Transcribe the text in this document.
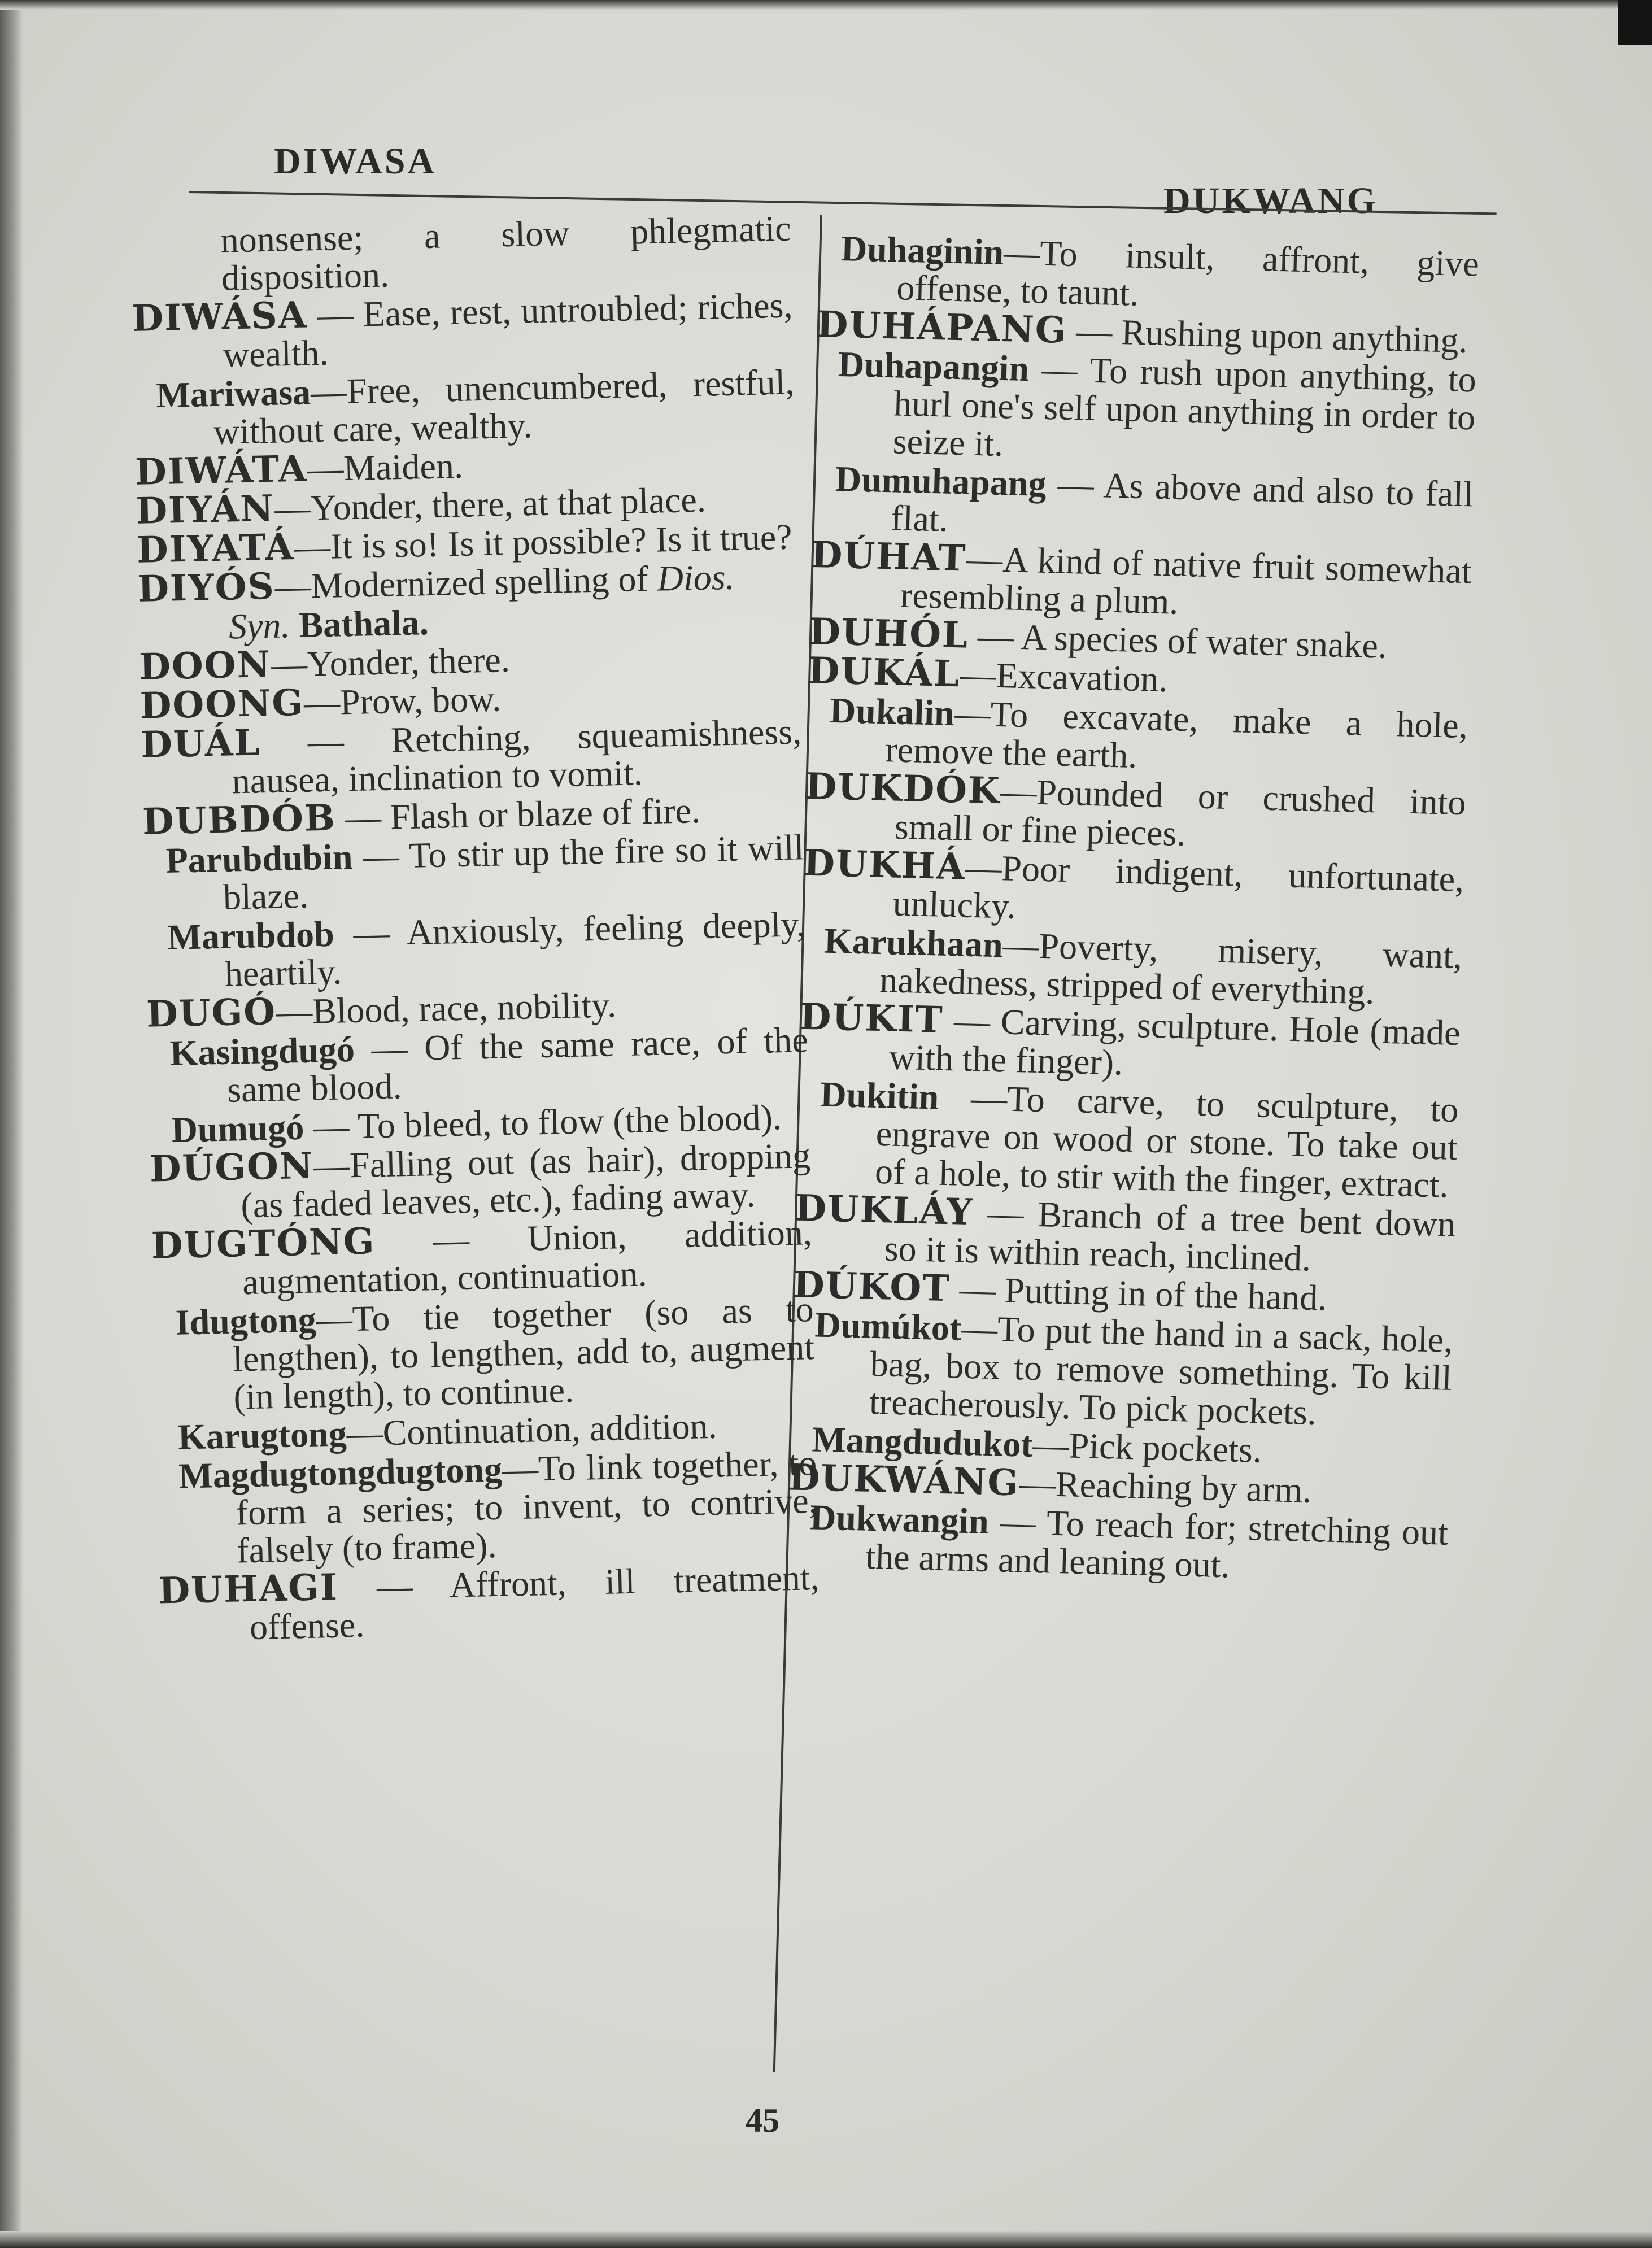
DIWASA
DUKWANG

nonsense; a slow phlegmatic disposition.

DIWÁSA — Ease, rest, untroubled; riches, wealth.

Mariwasa—Free, unencumbered, restful, without care, wealthy.

DIWÁTA—Maiden.

DIYÁN—Yonder, there, at that place.

DIYATÁ—It is so! Is it possible? Is it true?

DIYÓS—Modernized spelling of Dios.

Syn. Bathala.

DOON—Yonder, there.

DOONG—Prow, bow.

DUÁL — Retching, squeamishness, nausea, inclination to vomit.

DUBDÓB — Flash or blaze of fire.

Parubdubin — To stir up the fire so it will blaze.

Marubdob — Anxiously, feeling deeply, heartily.

DUGÓ—Blood, race, nobility.

Kasingdugó — Of the same race, of the same blood.

Dumugó — To bleed, to flow (the blood).

DÚGON—Falling out (as hair), dropping (as faded leaves, etc.), fading away.

DUGTÓNG — Union, addition, augmentation, continuation.

Idugtong—To tie together (so as to lengthen), to lengthen, add to, augment (in length), to continue.

Karugtong—Continuation, addition.

Magdugtongdugtong—To link together, to form a series; to invent, to contrive, falsely (to frame).

DUHAGI — Affront, ill treatment, offense.

Duhaginin—To insult, affront, give offense, to taunt.

DUHÁPANG — Rushing upon anything.

Duhapangin — To rush upon anything, to hurl one's self upon anything in order to seize it.

Dumuhapang — As above and also to fall flat.

DÚHAT—A kind of native fruit somewhat resembling a plum.

DUHÓL — A species of water snake.

DUKÁL—Excavation.

Dukalin—To excavate, make a hole, remove the earth.

DUKDÓK—Pounded or crushed into small or fine pieces.

DUKHÁ—Poor indigent, unfortunate, unlucky.

Karukhaan—Poverty, misery, want, nakedness, stripped of everything.

DÚKIT — Carving, sculpture. Hole (made with the finger).

Dukitin —To carve, to sculpture, to engrave on wood or stone. To take out of a hole, to stir with the finger, extract.

DUKLÁY — Branch of a tree bent down so it is within reach, inclined.

DÚKOT — Putting in of the hand.

Dumúkot—To put the hand in a sack, hole, bag, box to remove something. To kill treacherously. To pick pockets.

Mangdudukot—Pick pockets.

DUKWÁNG—Reaching by arm.

Dukwangin — To reach for; stretching out the arms and leaning out.

45
